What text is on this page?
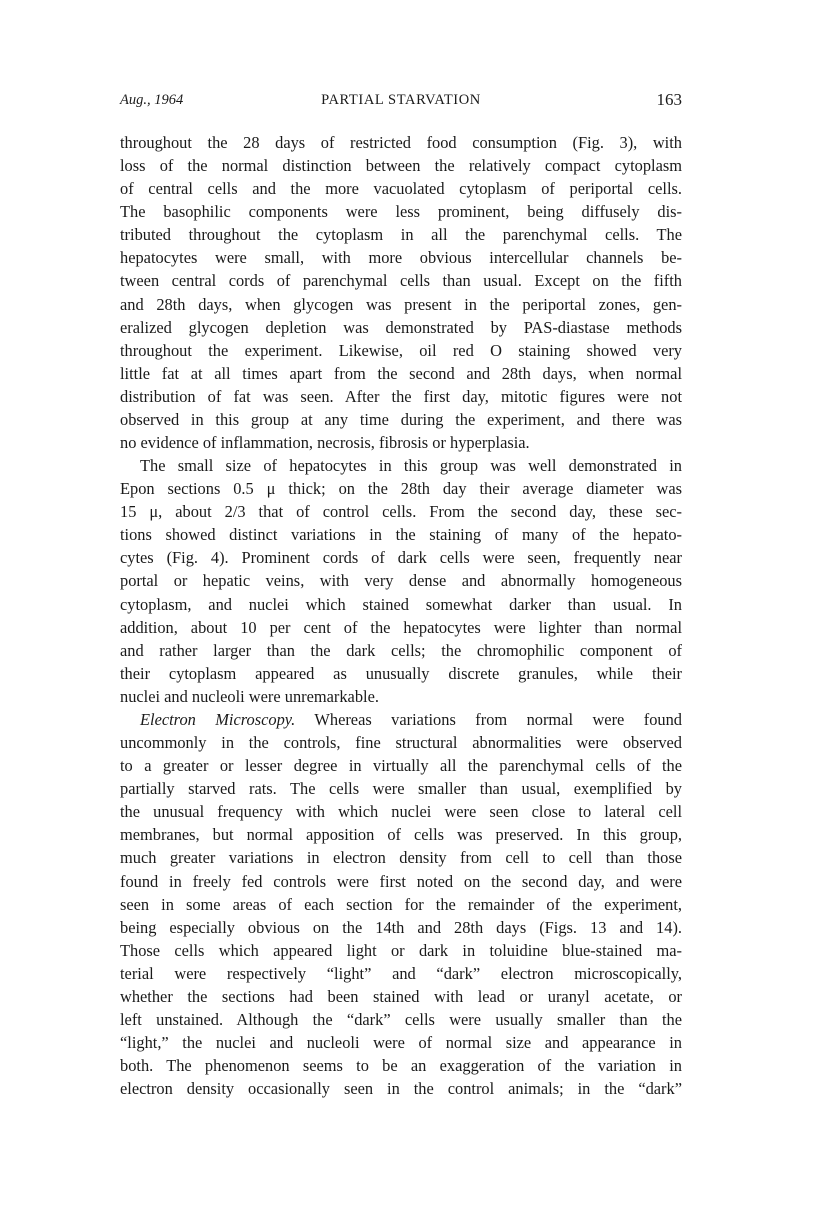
Aug., 1964	PARTIAL STARVATION	163
throughout the 28 days of restricted food consumption (Fig. 3), with
loss of the normal distinction between the relatively compact cytoplasm
of central cells and the more vacuolated cytoplasm of periportal cells.
The basophilic components were less prominent, being diffusely dis-
tributed throughout the cytoplasm in all the parenchymal cells. The
hepatocytes were small, with more obvious intercellular channels be-
tween central cords of parenchymal cells than usual. Except on the fifth
and 28th days, when glycogen was present in the periportal zones, gen-
eralized glycogen depletion was demonstrated by PAS-diastase methods
throughout the experiment. Likewise, oil red O staining showed very
little fat at all times apart from the second and 28th days, when normal
distribution of fat was seen. After the first day, mitotic figures were not
observed in this group at any time during the experiment, and there was
no evidence of inflammation, necrosis, fibrosis or hyperplasia.
The small size of hepatocytes in this group was well demonstrated in
Epon sections 0.5 μ thick; on the 28th day their average diameter was
15 μ, about 2/3 that of control cells. From the second day, these sec-
tions showed distinct variations in the staining of many of the hepato-
cytes (Fig. 4). Prominent cords of dark cells were seen, frequently near
portal or hepatic veins, with very dense and abnormally homogeneous
cytoplasm, and nuclei which stained somewhat darker than usual. In
addition, about 10 per cent of the hepatocytes were lighter than normal
and rather larger than the dark cells; the chromophilic component of
their cytoplasm appeared as unusually discrete granules, while their
nuclei and nucleoli were unremarkable.
Electron Microscopy. Whereas variations from normal were found
uncommonly in the controls, fine structural abnormalities were observed
to a greater or lesser degree in virtually all the parenchymal cells of the
partially starved rats. The cells were smaller than usual, exemplified by
the unusual frequency with which nuclei were seen close to lateral cell
membranes, but normal apposition of cells was preserved. In this group,
much greater variations in electron density from cell to cell than those
found in freely fed controls were first noted on the second day, and were
seen in some areas of each section for the remainder of the experiment,
being especially obvious on the 14th and 28th days (Figs. 13 and 14).
Those cells which appeared light or dark in toluidine blue-stained ma-
terial were respectively “light” and “dark” electron microscopically,
whether the sections had been stained with lead or uranyl acetate, or
left unstained. Although the “dark” cells were usually smaller than the
“light,” the nuclei and nucleoli were of normal size and appearance in
both. The phenomenon seems to be an exaggeration of the variation in
electron density occasionally seen in the control animals; in the “dark”
